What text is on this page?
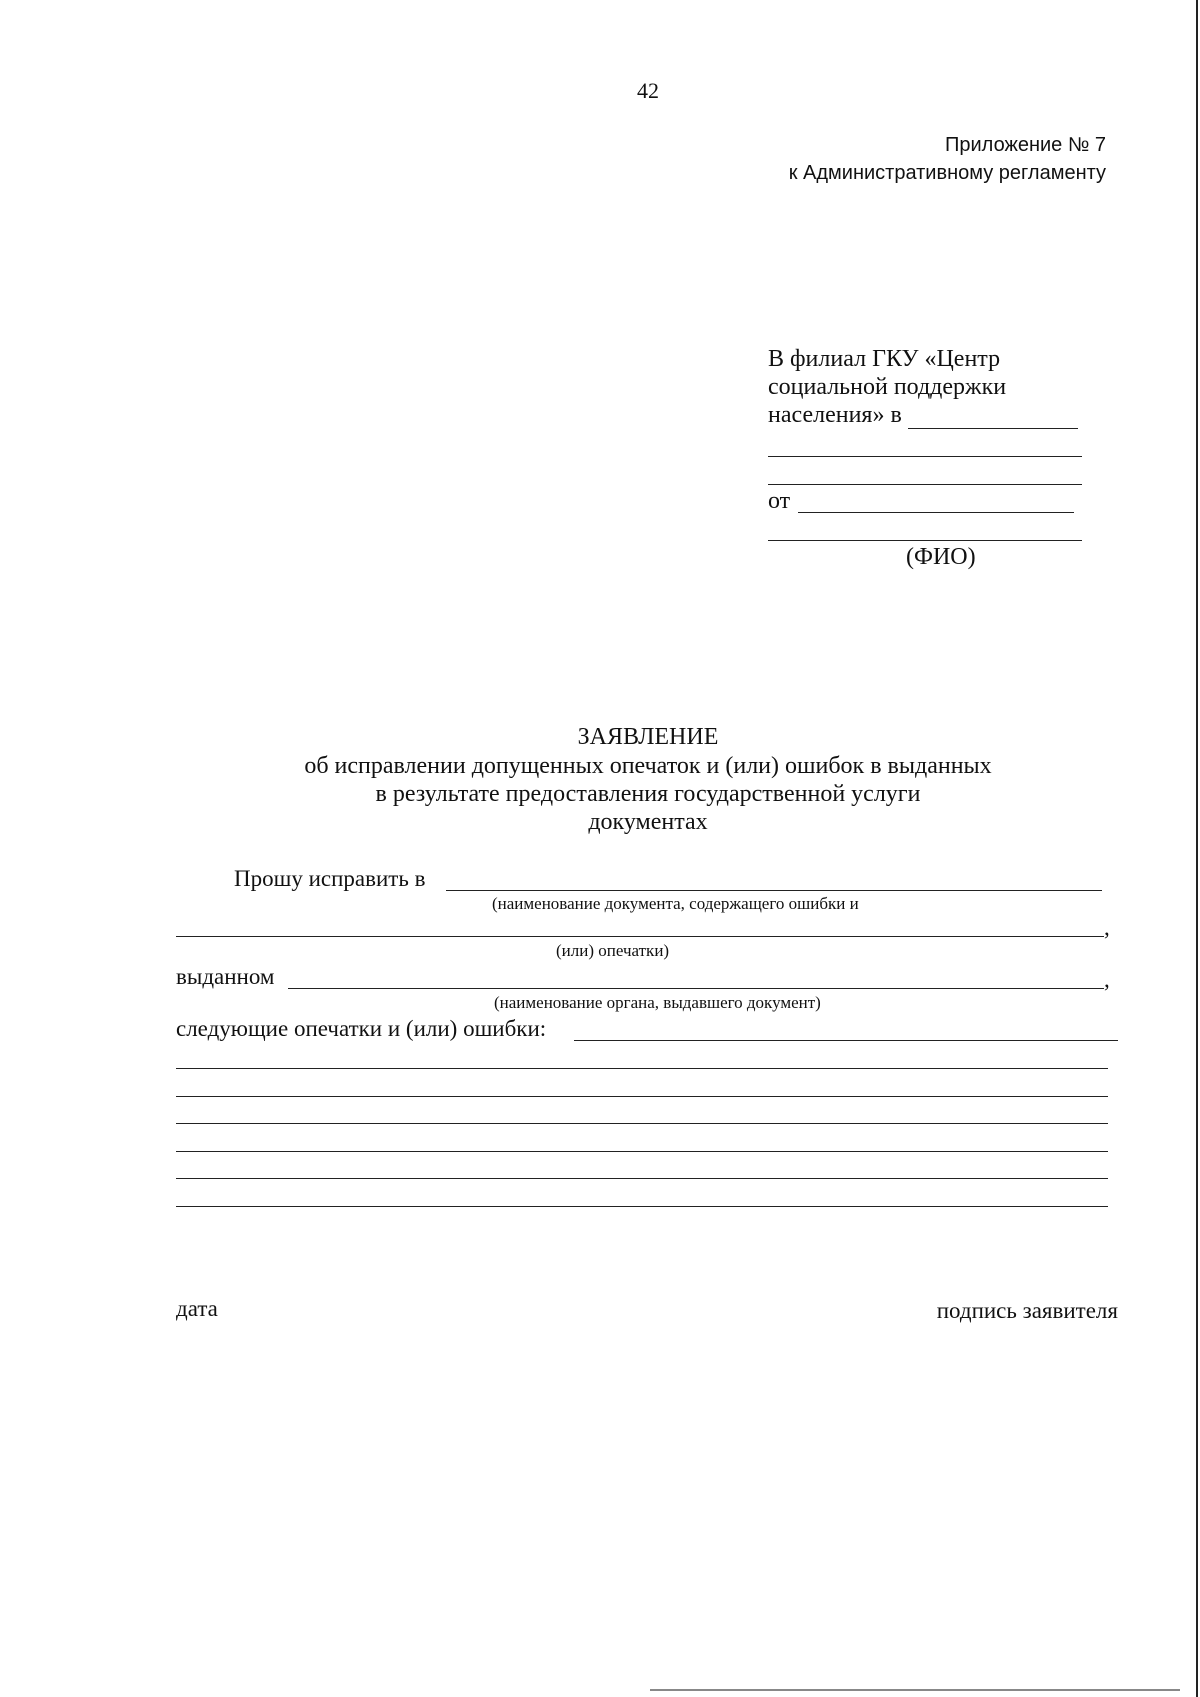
42
Приложение № 7
к Административному регламенту
В филиал ГКУ «Центр
социальной поддержки
населения» в
от
(ФИО)
ЗАЯВЛЕНИЕ
об исправлении допущенных опечаток и (или) ошибок в выданных
в результате предоставления государственной услуги
документах
Прошу исправить в
(наименование документа, содержащего ошибки и
,
(или) опечатки)
выданном	,
(наименование органа, выдавшего документ)
следующие опечатки и (или) ошибки:
дата	подпись заявителя
